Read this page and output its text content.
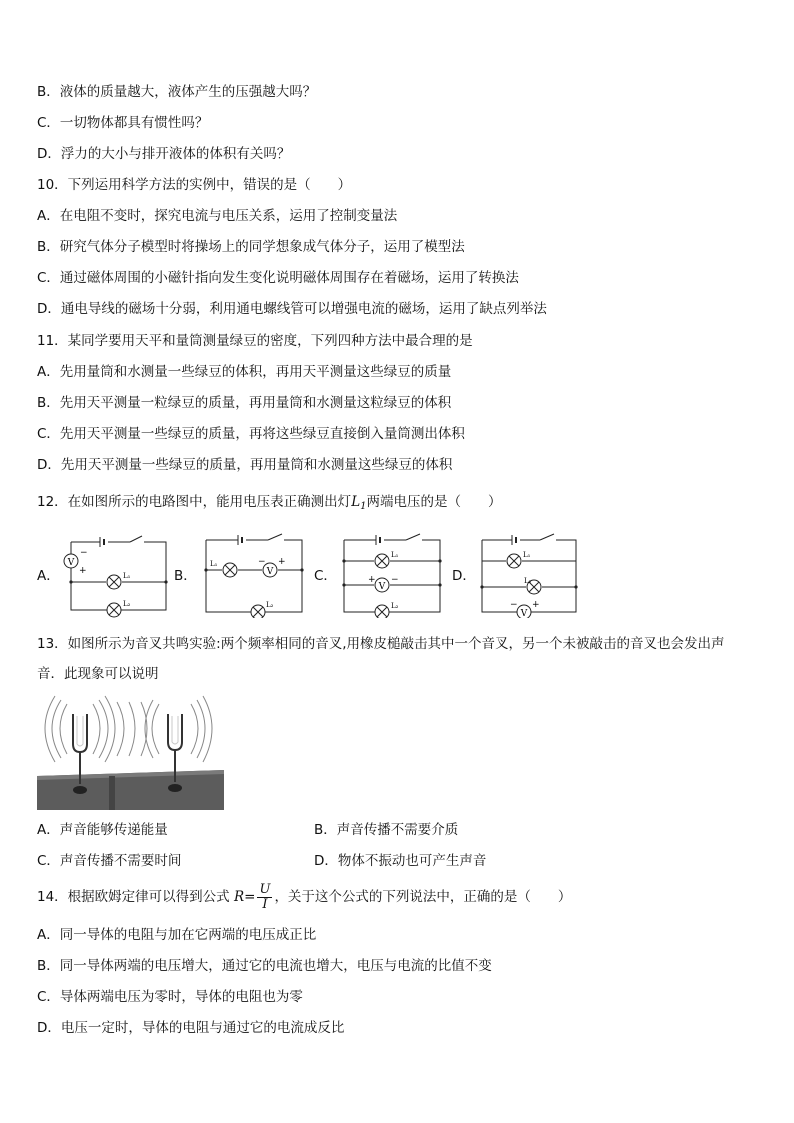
B．液体的质量越大，液体产生的压强越大吗？
C．一切物体都具有惯性吗？
D．浮力的大小与排开液体的体积有关吗？
10．下列运用科学方法的实例中，错误的是（　　）
A．在电阻不变时，探究电流与电压关系，运用了控制变量法
B．研究气体分子模型时将操场上的同学想象成气体分子，运用了模型法
C．通过磁体周围的小磁针指向发生变化说明磁体周围存在着磁场，运用了转换法
D．通电导线的磁场十分弱，利用通电螺线管可以增强电流的磁场，运用了缺点列举法
11．某同学要用天平和量筒测量绿豆的密度，下列四种方法中最合理的是
A．先用量筒和水测量一些绿豆的体积，再用天平测量这些绿豆的质量
B．先用天平测量一粒绿豆的质量，再用量筒和水测量这粒绿豆的体积
C．先用天平测量一些绿豆的质量，再将这些绿豆直接倒入量筒测出体积
D．先用天平测量一些绿豆的质量，再用量筒和水测量这些绿豆的体积
12．在如图所示的电路图中，能用电压表正确测出灯$L_1$两端电压的是（　　）
A．	B．	C．	D．
V
−
+	L₁
L₂
V
− +
L₁
L₂
V
+ −
L₁
L₂
V
− +
L₁
L₂
13．如图所示为音叉共鸣实验:两个频率相同的音叉,用橡皮槌敲击其中一个音叉，另一个未被敲击的音叉也会发出声
音．此现象可以说明
A．声音能够传递能量	B．声音传播不需要介质
C．声音传播不需要时间	D．物体不振动也可产生声音
14．根据欧姆定律可以得到公式 $R= \frac{U}{I}$ ，关于这个公式的下列说法中，正确的是（　　）
A．同一导体的电阻与加在它两端的电压成正比
B．同一导体两端的电压增大，通过它的电流也增大，电压与电流的比值不变
C．导体两端电压为零时，导体的电阻也为零
D．电压一定时，导体的电阻与通过它的电流成反比
